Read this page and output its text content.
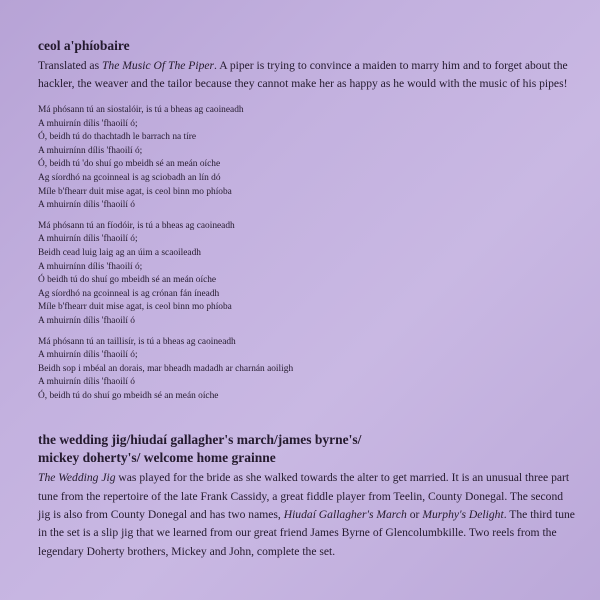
ceol a'phíobaire

Translated as The Music Of The Piper. A piper is trying to convince a maiden to marry him and to forget about the hackler, the weaver and the tailor because they cannot make her as happy as he would with the music of his pipes!

Má phósann tú an siostalóir, is tú a bheas ag caoineadh
A mhuirnín dílis 'fhaoilí ó;
Ó, beidh tú do thachtadh le barrach na tíre
A mhuirnínn dílis 'fhaoilí ó;
Ó, beidh tú 'do shuí go mbeidh sé an meán oíche
Ag síordhó na gcoinneal is ag sciobadh an lín dó
Míle b'fhearr duit mise agat, is ceol binn mo phíoba
A mhuirnín dílis 'fhaoilí ó
Má phósann tú an fíodóir, is tú a bheas ag caoineadh
A mhuirnín dílis 'fhaoilí ó;
Beidh cead luig laig ag an úim a scaoileadh
A mhuirnínn dílis 'fhaoilí ó;
Ó beidh tú do shuí go mbeidh sé an meán oíche
Ag síordhó na gcoinneal is ag crónan fán íneadh
Míle b'fhearr duit mise agat, is ceol binn mo phíoba
A mhuirnín dílis 'fhaoilí ó
Má phósann tú an taillisír, is tú a bheas ag caoineadh
A mhuirnín dílis 'fhaoilí ó;
Beidh sop i mbéal an dorais, mar bheadh madadh ar charnán aoiligh
A mhuirnín dílis 'fhaoilí ó
Ó, beidh tú do shuí go mbeidh sé an meán oíche
the wedding jig/hiudaí gallagher's march/james byrne's/
mickey doherty's/ welcome home grainne

The Wedding Jig was played for the bride as she walked towards the alter to get married. It is an unusual three part tune from the repertoire of the late Frank Cassidy, a great fiddle player from Teelin, County Donegal. The second jig is also from County Donegal and has two names, Hiudaí Gallagher's March or Murphy's Delight. The third tune in the set is a slip jig that we learned from our great friend James Byrne of Glencolumbkille. Two reels from the legendary Doherty brothers, Mickey and John, complete the set.
